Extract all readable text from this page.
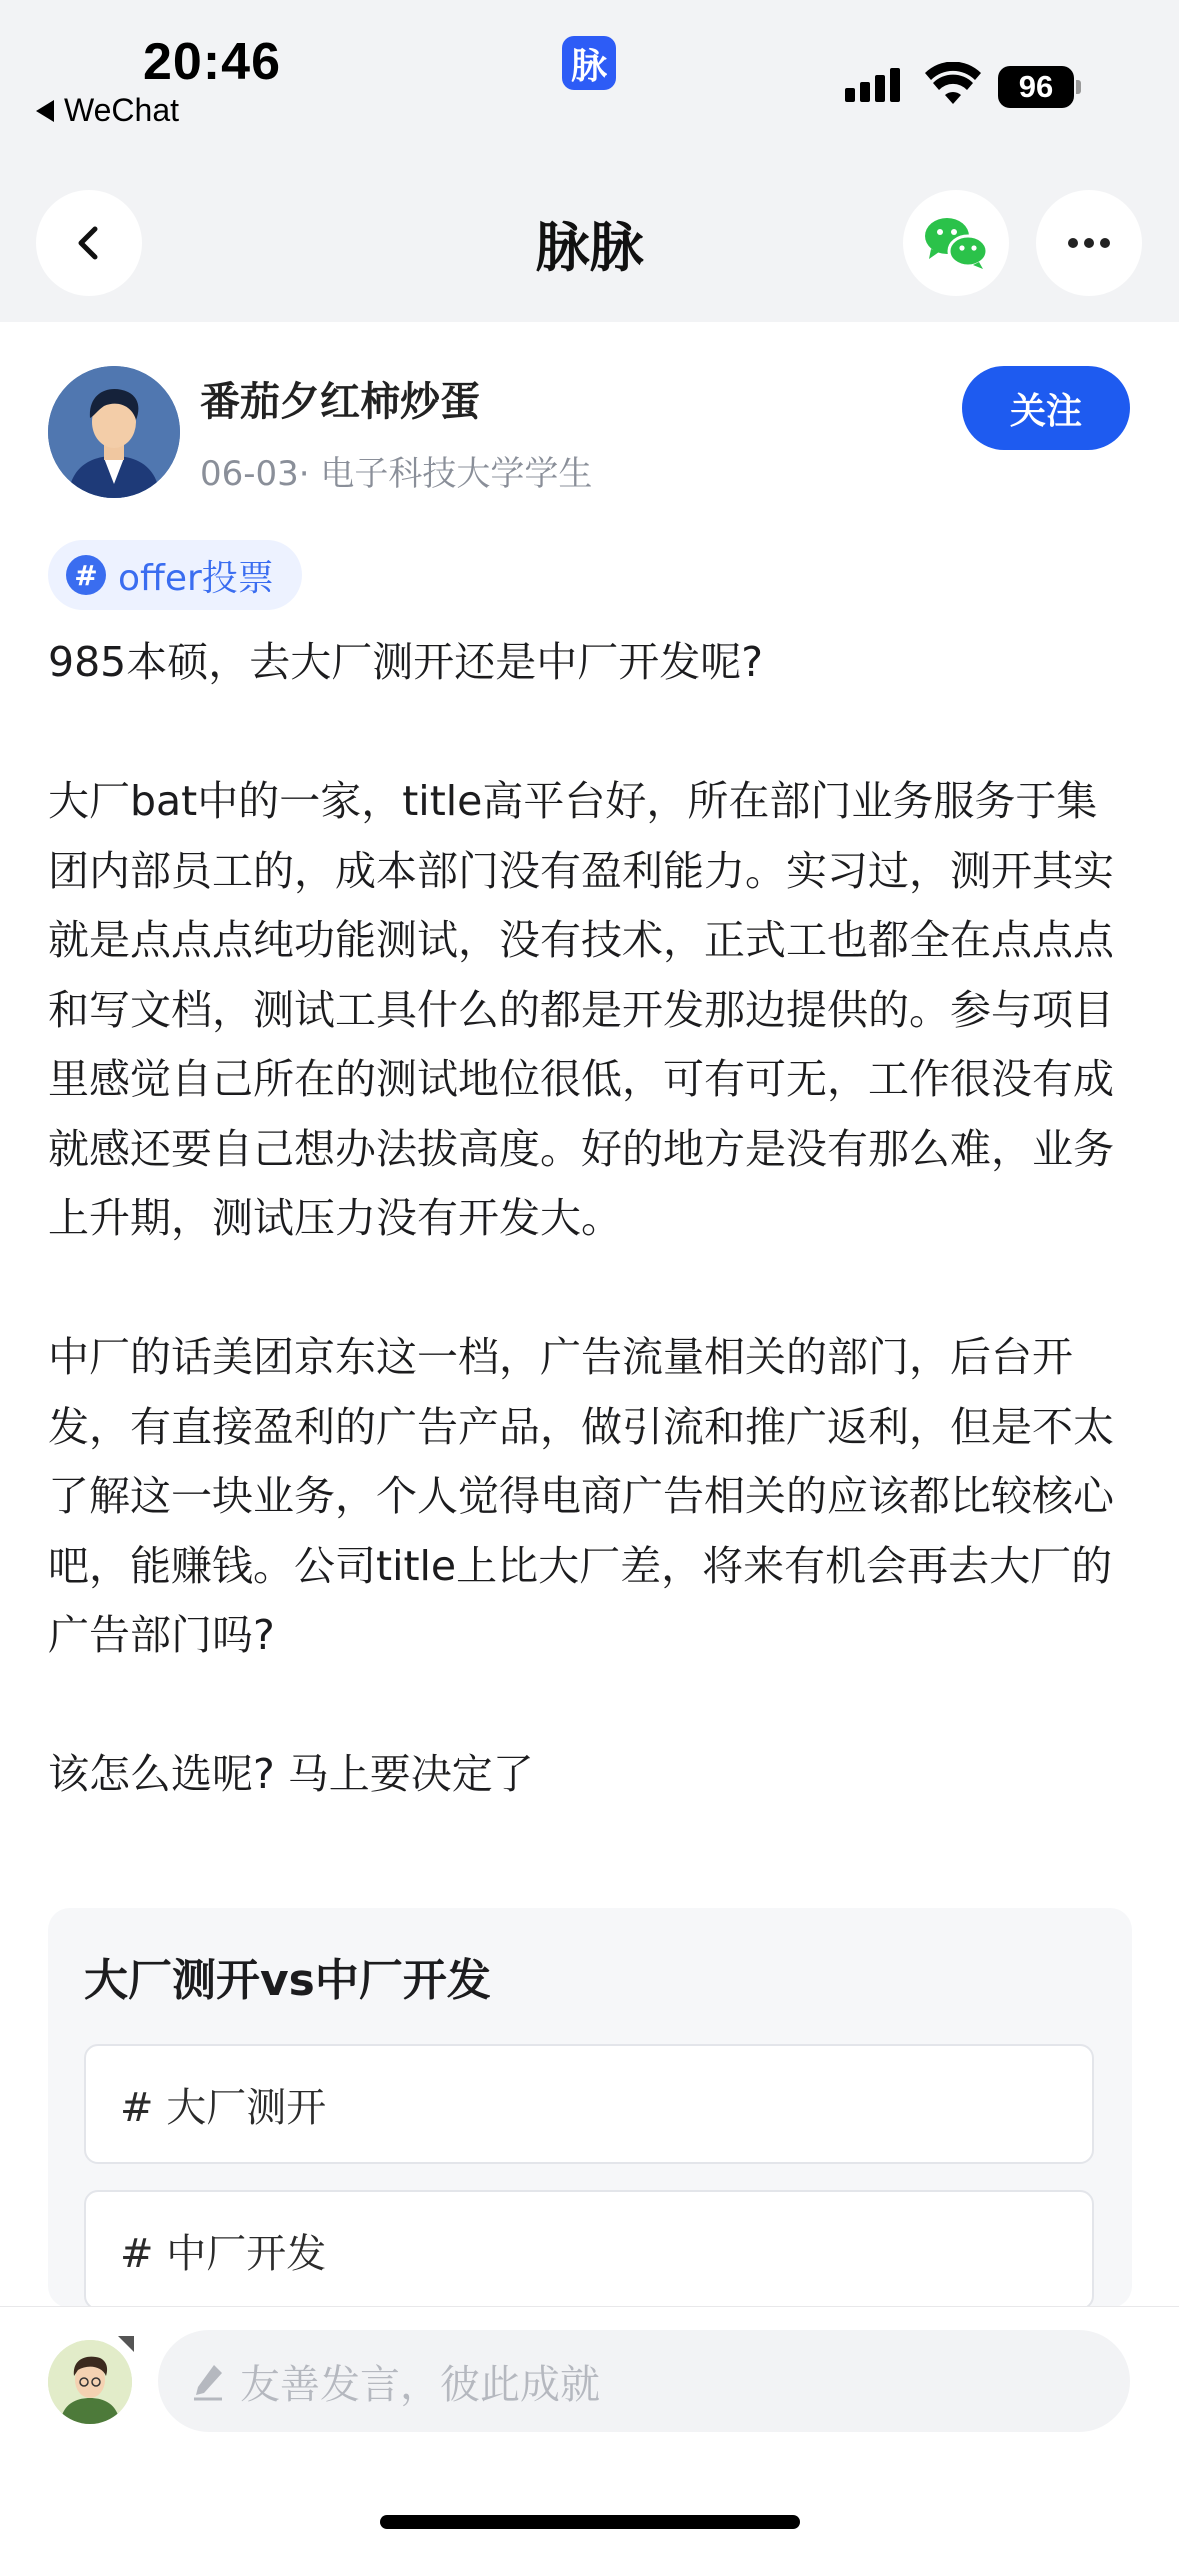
20:46
WeChat
脉	96
脉脉
番茄夕红柿炒蛋
06-03· 电子科技大学学生
关注
# offer投票

985本硕，去大厂测开还是中厂开发呢?

大厂bat中的一家，title高平台好，所在部门业务服务于集团内部员工的，成本部门没有盈利能力。实习过，测开其实就是点点点纯功能测试，没有技术，正式工也都全在点点点和写文档，测试工具什么的都是开发那边提供的。参与项目里感觉自己所在的测试地位很低，可有可无，工作很没有成就感还要自己想办法拔高度。好的地方是没有那么难，业务上升期，测试压力没有开发大。

中厂的话美团京东这一档，广告流量相关的部门，后台开发，有直接盈利的广告产品，做引流和推广返利，但是不太了解这一块业务，个人觉得电商广告相关的应该都比较核心吧，能赚钱。公司title上比大厂差，将来有机会再去大厂的广告部门吗?

该怎么选呢? 马上要决定了

大厂测开vs中厂开发
# 大厂测开
# 中厂开发
友善发言，彼此成就
